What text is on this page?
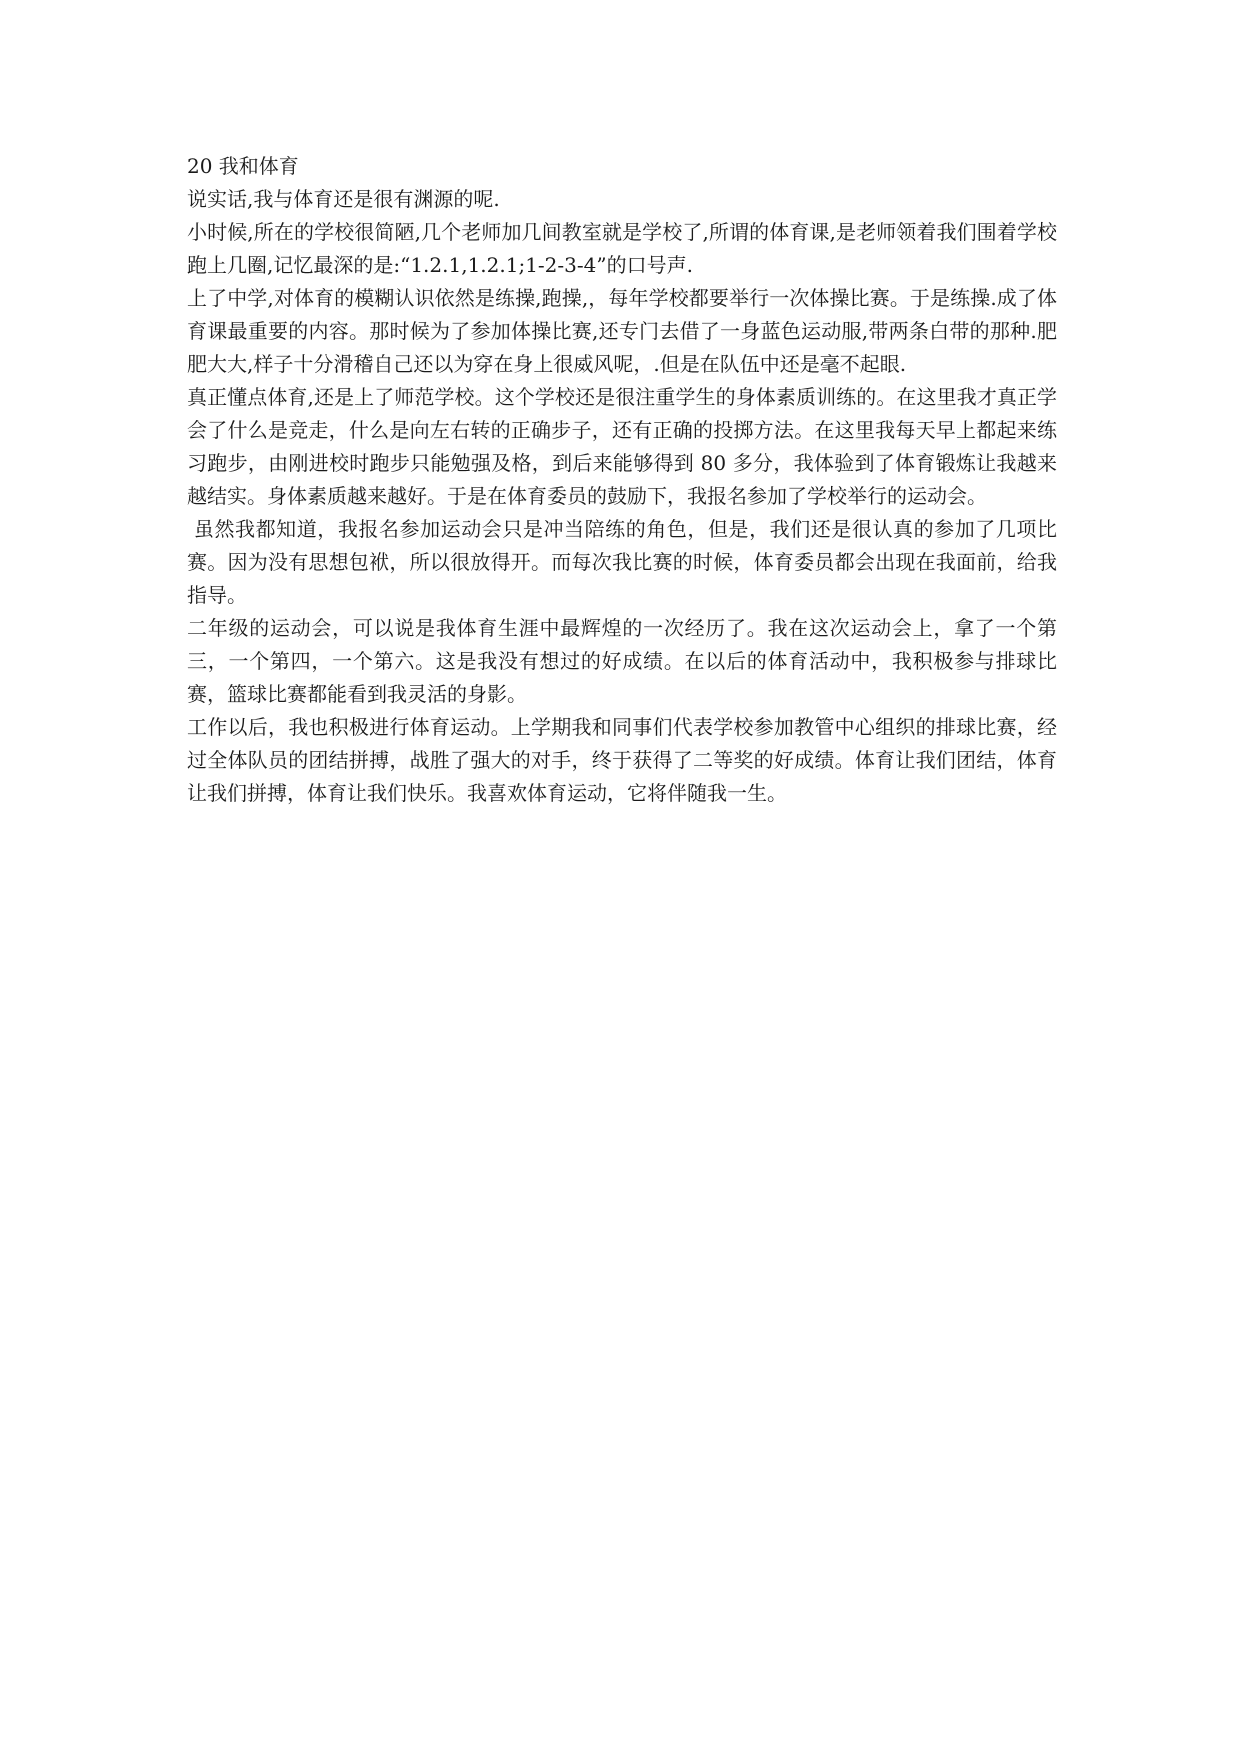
20 我和体育

说实话,我与体育还是很有渊源的呢.

小时候,所在的学校很简陋,几个老师加几间教室就是学校了,所谓的体育课,是老师领着我们围着学校跑上几圈,记忆最深的是:“1.2.1,1.2.1;1-2-3-4”的口号声.

上了中学,对体育的模糊认识依然是练操,跑操,，每年学校都要举行一次体操比赛。于是练操.成了体育课最重要的内容。那时候为了参加体操比赛,还专门去借了一身蓝色运动服,带两条白带的那种.肥肥大大,样子十分滑稽自己还以为穿在身上很威风呢，.但是在队伍中还是毫不起眼.

真正懂点体育,还是上了师范学校。这个学校还是很注重学生的身体素质训练的。在这里我才真正学会了什么是竞走，什么是向左右转的正确步子，还有正确的投掷方法。在这里我每天早上都起来练习跑步，由刚进校时跑步只能勉强及格，到后来能够得到 80 多分，我体验到了体育锻炼让我越来越结实。身体素质越来越好。于是在体育委员的鼓励下，我报名参加了学校举行的运动会。

虽然我都知道，我报名参加运动会只是冲当陪练的角色，但是，我们还是很认真的参加了几项比赛。因为没有思想包袱，所以很放得开。而每次我比赛的时候，体育委员都会出现在我面前，给我指导。

二年级的运动会，可以说是我体育生涯中最辉煌的一次经历了。我在这次运动会上，拿了一个第三，一个第四，一个第六。这是我没有想过的好成绩。在以后的体育活动中，我积极参与排球比赛，篮球比赛都能看到我灵活的身影。

工作以后，我也积极进行体育运动。上学期我和同事们代表学校参加教管中心组织的排球比赛，经过全体队员的团结拼搏，战胜了强大的对手，终于获得了二等奖的好成绩。体育让我们团结，体育让我们拼搏，体育让我们快乐。我喜欢体育运动，它将伴随我一生。
